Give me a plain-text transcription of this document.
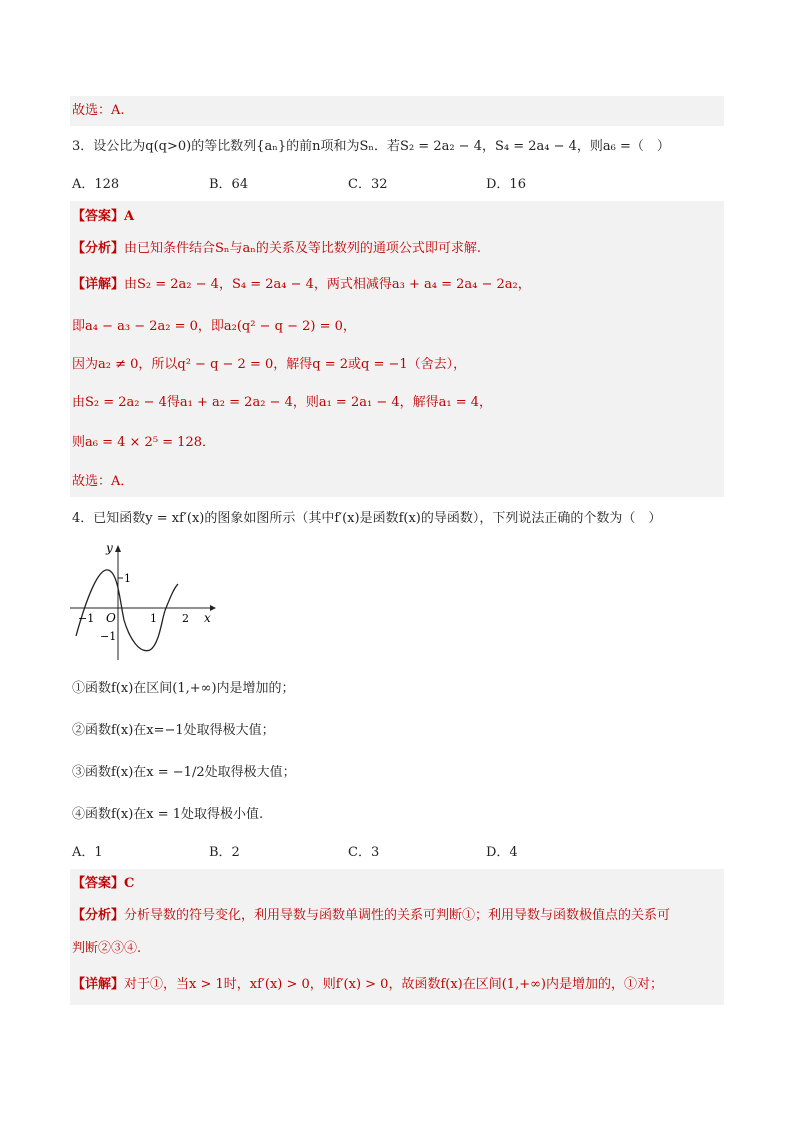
故选：A.
3．设公比为q(q>0)的等比数列{aₙ}的前n项和为Sₙ．若S₂ = 2a₂ − 4，S₄ = 2a₄ − 4，则a₆ =（　）
A．128	B．64	C．32	D．16
【答案】A
【分析】由已知条件结合Sₙ与aₙ的关系及等比数列的通项公式即可求解.
【详解】由S₂ = 2a₂ − 4，S₄ = 2a₄ − 4，两式相减得a₃ + a₄ = 2a₄ − 2a₂，
即a₄ − a₃ − 2a₂ = 0，即a₂(q² − q − 2) = 0，
因为a₂ ≠ 0，所以q² − q − 2 = 0，解得q = 2或q = −1（舍去），
由S₂ = 2a₂ − 4得a₁ + a₂ = 2a₂ − 4，则a₁ = 2a₁ − 4，解得a₁ = 4，
则a₆ = 4 × 2⁵ = 128．
故选：A．
4．已知函数y = xf′(x)的图象如图所示（其中f′(x)是函数f(x)的导函数），下列说法正确的个数为（　）
y
x
O
−1	1 2
1
−1
①函数f(x)在区间(1,+∞)内是增加的；
②函数f(x)在x=−1处取得极大值；
③函数f(x)在x = −1/2处取得极大值；
④函数f(x)在x = 1处取得极小值.
A．1	B．2	C．3	D．4
【答案】C
【分析】分析导数的符号变化，利用导数与函数单调性的关系可判断①；利用导数与函数极值点的关系可
判断②③④.
【详解】对于①，当x > 1时，xf′(x) > 0，则f′(x) > 0，故函数f(x)在区间(1,+∞)内是增加的，①对；
